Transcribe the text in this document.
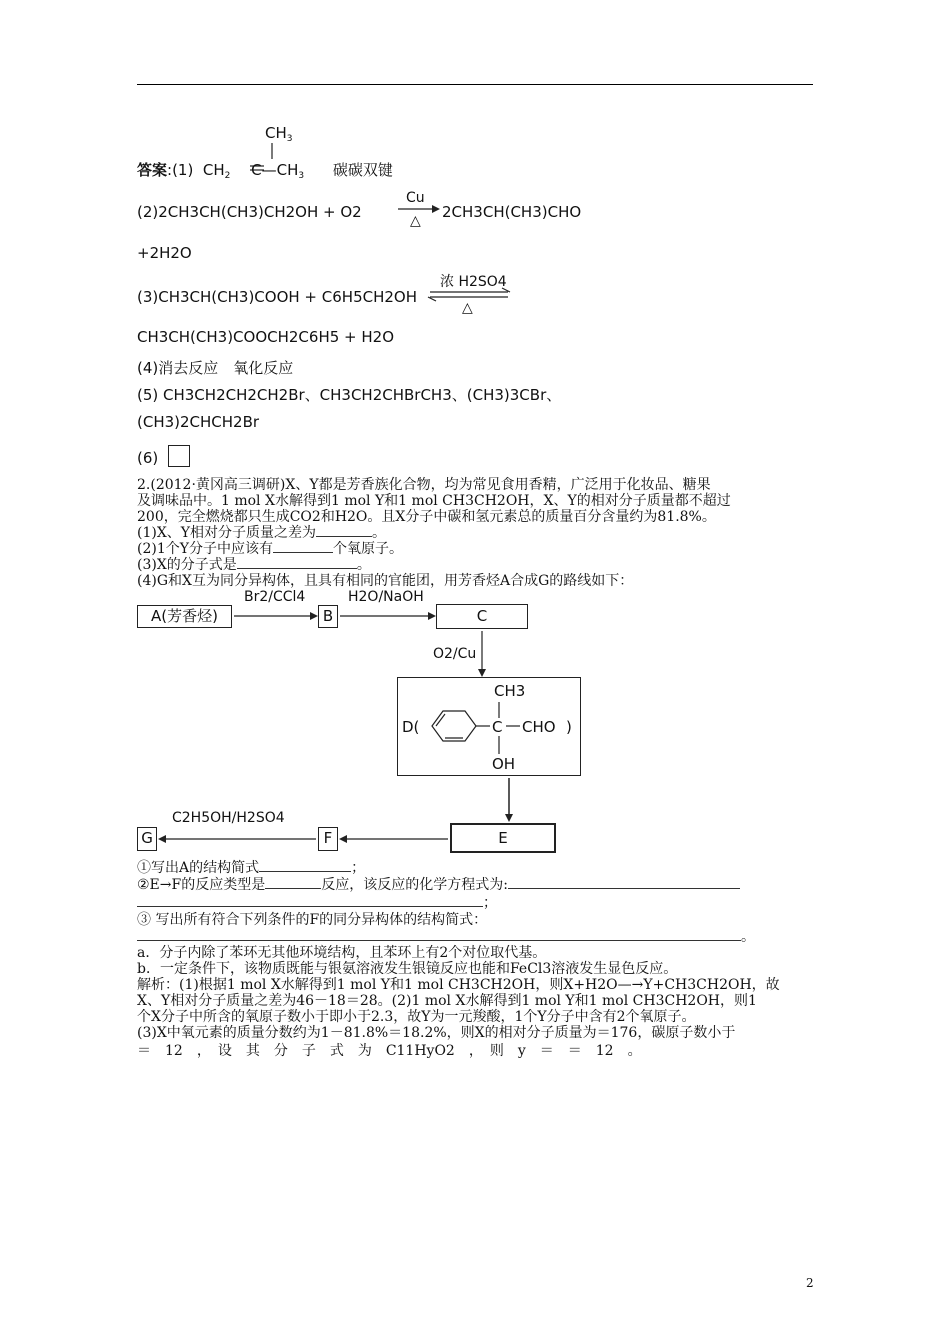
$CH_3$
答案:(1) $CH_2$ $C—CH_3$ 碳碳双键
(2)2CH3CH(CH3)CH2OH + O2
Cu
△ 2CH3CH(CH3)CHO
+2H2O
(3)CH3CH(CH3)COOH + C6H5CH2OH
浓 H2SO4
△
CH3CH(CH3)COOCH2C6H5 + H2O
(4)消去反应　氧化反应
(5) CH3CH2CH2CH2Br、CH3CH2CHBrCH3、(CH3)3CBr、
(CH3)2CHCH2Br
(6)
2.(2012·黄冈高三调研)X、Y都是芳香族化合物，均为常见食用香精，广泛用于化妆品、糖果
及调味品中。1 mol X水解得到1 mol Y和1 mol CH3CH2OH，X、Y的相对分子质量都不超过
200，完全燃烧都只生成CO2和H2O。且X分子中碳和氢元素总的质量百分含量约为81.8%。
(1)X、Y相对分子质量之差为	。
(2)1个Y分子中应该有	个氧原子。
(3)X的分子式是	。
(4)G和X互为同分异构体，且具有相同的官能团，用芳香烃A合成G的路线如下：
A(芳香烃)
Br2/CCl4
B
H2O/NaOH
C
O2/Cu
D(
CH3
C CHO )
OH
E
F
C2H5OH/H2SO4
G
①写出A的结构简式	；
②E→F的反应类型是	反应，该反应的化学方程式为:
；
③ 写出所有符合下列条件的F的同分异构体的结构简式：
。
a．分子内除了苯环无其他环境结构，且苯环上有2个对位取代基。
b．一定条件下，该物质既能与银氨溶液发生银镜反应也能和FeCl3溶液发生显色反应。
解析：(1)根据1 mol X水解得到1 mol Y和1 mol CH3CH2OH，则X+H2O—→Y+CH3CH2OH，故
X、Y相对分子质量之差为46－18＝28。(2)1 mol X水解得到1 mol Y和1 mol CH3CH2OH，则1
个X分子中所含的氧原子数小于即小于2.3，故Y为一元羧酸，1个Y分子中含有2个氧原子。
(3)X中氧元素的质量分数约为1－81.8%＝18.2%，则X的相对分子质量为＝176，碳原子数小于
＝　12　，　设　其　分　子　式　为　C11HyO2　，　则　y　＝　＝　12　。
2
